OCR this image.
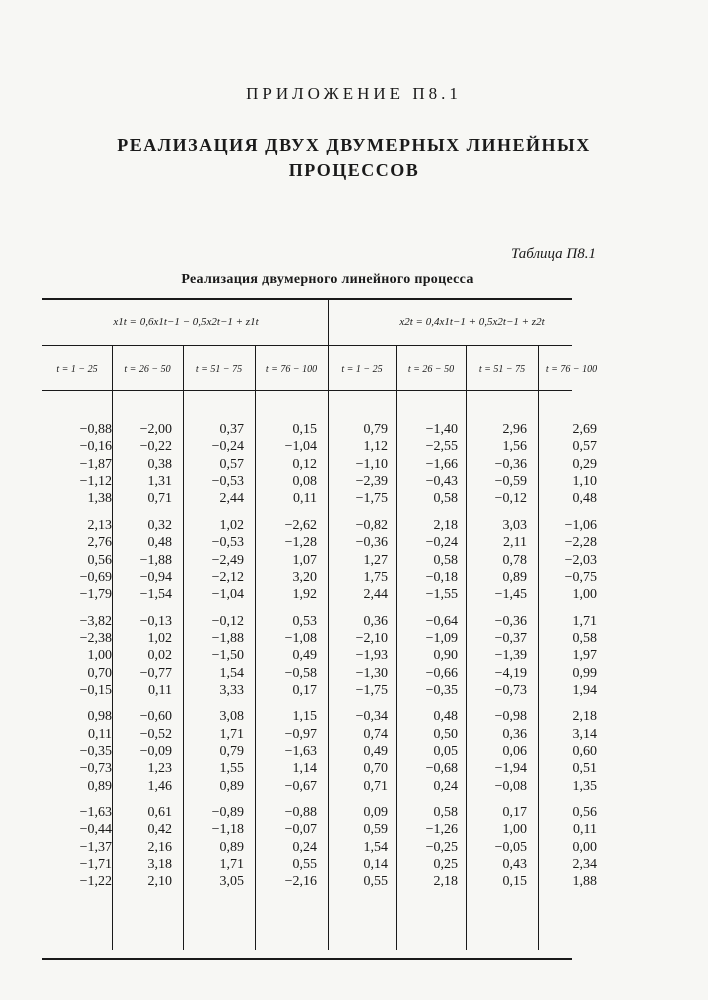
ПРИЛОЖЕНИЕ П8.1
РЕАЛИЗАЦИЯ ДВУХ ДВУМЕРНЫХ ЛИНЕЙНЫХ
ПРОЦЕССОВ
Таблица П8.1
Реализация двумерного линейного процесса
x1t = 0,6x1t−1 − 0,5x2t−1 + z1t	x2t = 0,4x1t−1 + 0,5x2t−1 + z2t
t = 1 − 25	t = 26 − 50	t = 51 − 75	t = 76 − 100	t = 1 − 25	t = 26 − 50	t = 51 − 75	t = 76 − 100
−0,88	−2,00	0,37	0,15	0,79	−1,40	2,96	2,69
−0,16	−0,22	−0,24	−1,04	1,12	−2,55	1,56	0,57
−1,87	0,38	0,57	0,12	−1,10	−1,66	−0,36	0,29
−1,12	1,31	−0,53	0,08	−2,39	−0,43	−0,59	1,10
1,38	0,71	2,44	0,11	−1,75	0,58	−0,12	0,48
2,13	0,32	1,02	−2,62	−0,82	2,18	3,03	−1,06
2,76	0,48	−0,53	−1,28	−0,36	−0,24	2,11	−2,28
0,56	−1,88	−2,49	1,07	1,27	0,58	0,78	−2,03
−0,69	−0,94	−2,12	3,20	1,75	−0,18	0,89	−0,75
−1,79	−1,54	−1,04	1,92	2,44	−1,55	−1,45	1,00
−3,82	−0,13	−0,12	0,53	0,36	−0,64	−0,36	1,71
−2,38	1,02	−1,88	−1,08	−2,10	−1,09	−0,37	0,58
1,00	0,02	−1,50	0,49	−1,93	0,90	−1,39	1,97
0,70	−0,77	1,54	−0,58	−1,30	−0,66	−4,19	0,99
−0,15	0,11	3,33	0,17	−1,75	−0,35	−0,73	1,94
0,98	−0,60	3,08	1,15	−0,34	0,48	−0,98	2,18
0,11	−0,52	1,71	−0,97	0,74	0,50	0,36	3,14
−0,35	−0,09	0,79	−1,63	0,49	0,05	0,06	0,60
−0,73	1,23	1,55	1,14	0,70	−0,68	−1,94	0,51
0,89	1,46	0,89	−0,67	0,71	0,24	−0,08	1,35
−1,63	0,61	−0,89	−0,88	0,09	0,58	0,17	0,56
−0,44	0,42	−1,18	−0,07	0,59	−1,26	1,00	0,11
−1,37	2,16	0,89	0,24	1,54	−0,25	−0,05	0,00
−1,71	3,18	1,71	0,55	0,14	0,25	0,43	2,34
−1,22	2,10	3,05	−2,16	0,55	2,18	0,15	1,88
